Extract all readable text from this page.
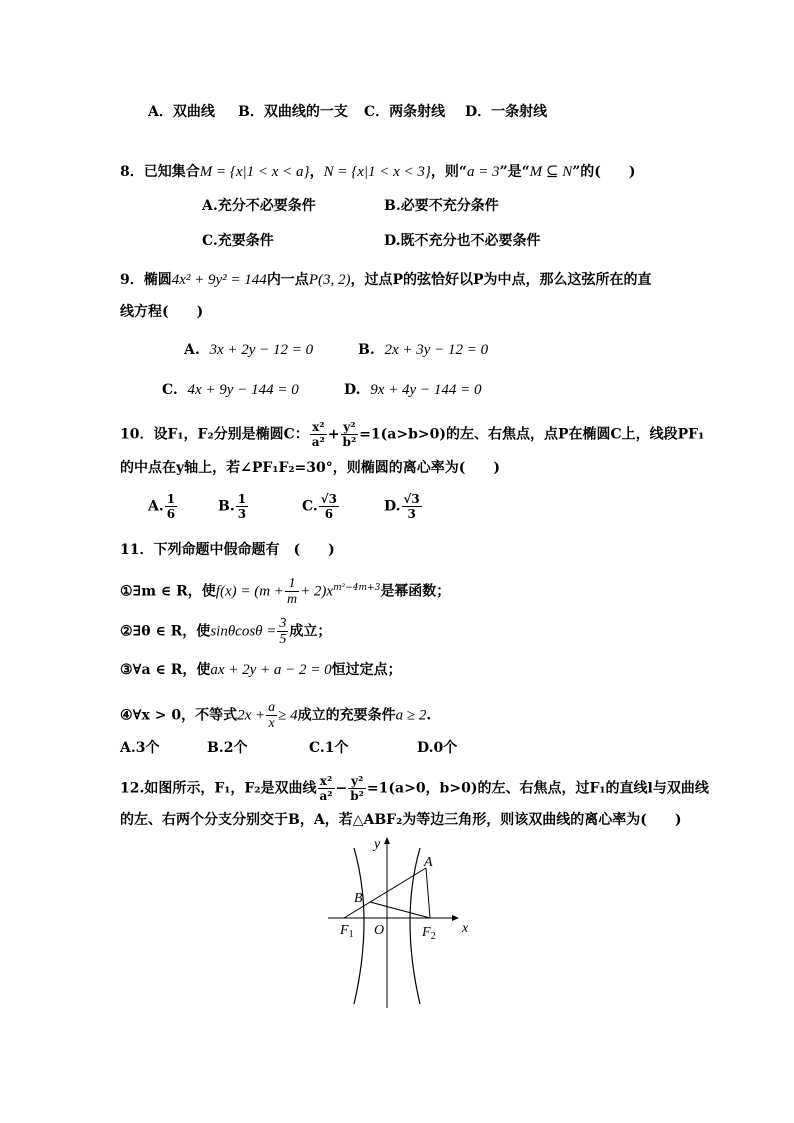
A．双曲线 B．双曲线的一支 C．两条射线 D．一条射线
8．已知集合M = {x|1 < x < a}，N = {x|1 < x < 3}，则“a = 3”是“M ⊆ N”的(　　)
A.充分不必要条件	B.必要不充分条件
C.充要条件	D.既不充分也不必要条件
9．椭圆4x² + 9y² = 144内一点P(3, 2)，过点P的弦恰好以P为中点，那么这弦所在的直
线方程(　　)
A. 3x + 2y − 12 = 0	B. 2x + 3y − 12 = 0
C. 4x + 9y − 144 = 0	D. 9x + 4y − 144 = 0
10．设F₁，F₂分别是椭圆C： $\frac{\text{x²}}{\text{a²}} + \frac{\text{y²}}{\text{b²}} =1(a>b>0)$的左、右焦点，点P在椭圆C上，线段PF₁
的中点在y轴上，若∠PF₁F₂=30°，则椭圆的离心率为(　　)
A. $\frac{1}{6}$	B. $\frac{1}{3}$	C. $\frac{√3}{6}$	D. $\frac{√3}{3}$
11．下列命题中假命题有　(　　)
①∃m ∈ R，使$f(x) = (m + \frac{1}{m} + 2)x^{m^2-4m+3}$是幂函数；
②∃θ ∈ R，使$\sin\theta\cos\theta = \frac{3}{5}$ 成立；
③∀a ∈ R，使ax + 2y + a − 2 = 0恒过定点；
④∀x > 0，不等式$2x + \frac{a}{x} \ge 4$成立的充要条件a ≥ 2.
A.3个	B.2个	C.1个	D.0个
12.如图所示，F₁，F₂是双曲线 $\frac{\text{x²}}{\text{a²}} - \frac{\text{y²}}{\text{b²}} =1(a>0$，b>0)的左、右焦点，过F₁的直线l与双曲线
的左、右两个分支分别交于B，A，若△ABF₂为等边三角形，则该双曲线的离心率为(　　)
y
x
A
B
O
$F_1$	$F_2$
